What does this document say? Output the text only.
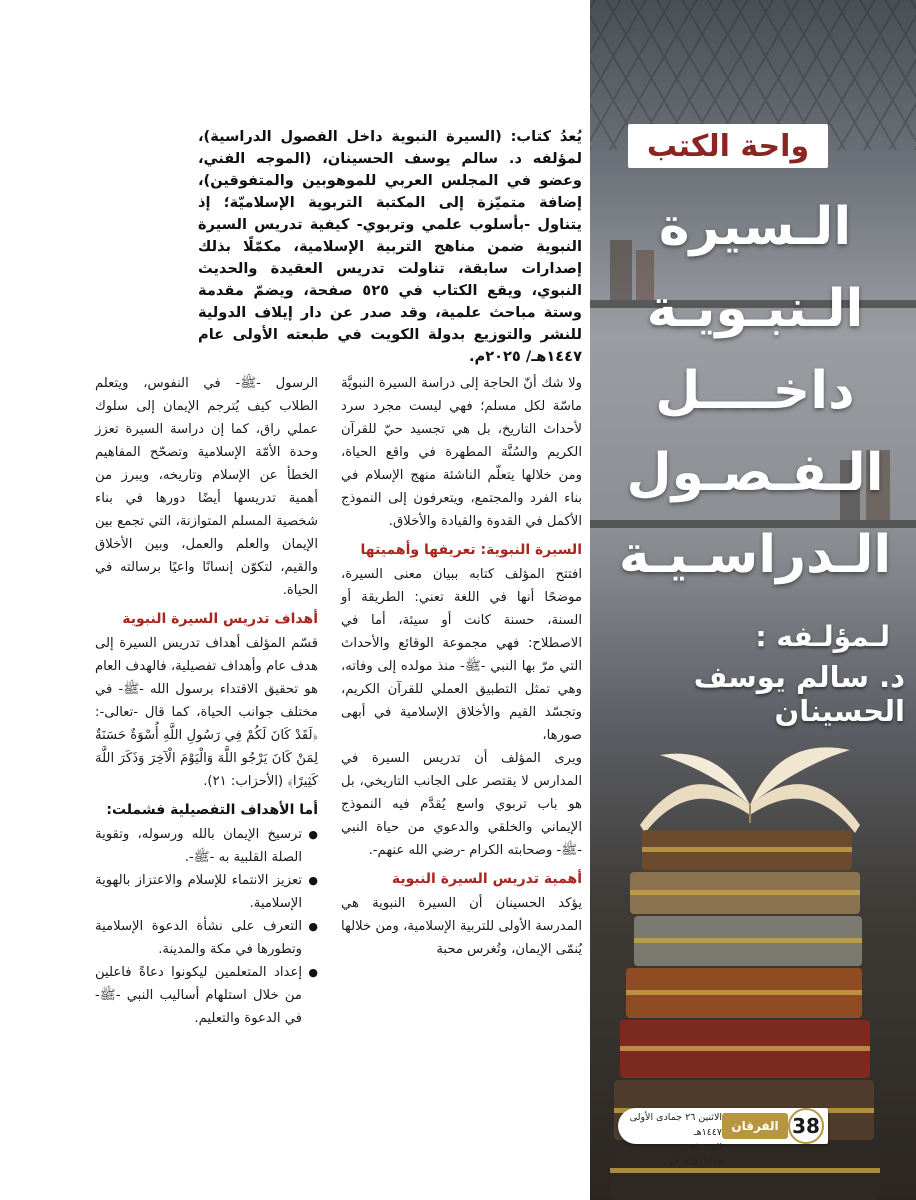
واحة الكتب
الـسيرة
الـنبـويـة
داخــــل
الـفـصـول
الـدراسـيـة
لـمؤلـفه :
د. سالم يوسف الحسينان

يُعدُ كتاب: (السيرة النبوية داخل الفصول الدراسية)، لمؤلفه د. سالم يوسف الحسينان، (الموجه الفني، وعضو في المجلس العربي للموهوبين والمتفوقين)، إضافة متميّزة إلى المكتبة التربوية الإسلاميّة؛ إذ يتناول -بأسلوب علمي وتربوي- كيفية تدريس السيرة النبوية ضمن مناهج التربية الإسلامية، مكمّلًا بذلك إصدارات سابقة، تناولت تدريس العقيدة والحديث النبوي، ويقع الكتاب في ٥٢٥ صفحة، ويضمّ مقدمة وستة مباحث علمية، وقد صدر عن دار إيلاف الدولية للنشر والتوزيع بدولة الكويت في طبعته الأولى عام ١٤٤٧هـ/ ٢٠٢٥م.

ولا شك أنّ الحاجة إلى دراسة السيرة النبويَّة ماسّة لكل مسلم؛ فهي ليست مجرد سرد لأحداث التاريخ، بل هي تجسيد حيّ للقرآن الكريم والسُنَّة المطهرة في واقع الحياة، ومن خلالها يتعلّم الناشئة منهج الإسلام في بناء الفرد والمجتمع، ويتعرفون إلى النموذج الأكمل في القدوة والقيادة والأخلاق.

السيرة النبوية: تعريفها وأهميتها

افتتح المؤلف كتابه ببيان معنى السيرة، موضحًا أنها في اللغة تعني: الطريقة أو السنة، حسنة كانت أو سيئة، أما في الاصطلاح: فهي مجموعة الوقائع والأحداث التي مرّ بها النبي -ﷺ- منذ مولده إلى وفاته، وهي تمثل التطبيق العملي للقرآن الكريم، وتجسّد القيم والأخلاق الإسلامية في أبهى صورها،

ويرى المؤلف أن تدريس السيرة في المدارس لا يقتصر على الجانب التاريخي، بل هو باب تربوي واسع يُقدَّم فيه النموذج الإيماني والخلقي والدعوي من حياة النبي -ﷺ- وصحابته الكرام -رضي الله عنهم-.

أهمية تدريس السيرة النبوية

يؤكد الحسينان أن السيرة النبوية هي المدرسة الأولى للتربية الإسلامية، ومن خلالها يُنمّى الإيمان، وتُغرس محبة

الرسول -ﷺ- في النفوس، ويتعلم الطلاب كيف يُترجم الإيمان إلى سلوك عملي راق، كما إن دراسة السيرة تعزز وحدة الأمّة الإسلامية وتصحّح المفاهيم الخطأ عن الإسلام وتاريخه، ويبرز من أهمية تدريسها أيضًا دورها في بناء شخصية المسلم المتوازنة، التي تجمع بين الإيمان والعلم والعمل، وبين الأخلاق والقيم، لتكوّن إنسانًا واعيًا برسالته في الحياة.

أهداف تدريس السيرة النبوية

قسّم المؤلف أهداف تدريس السيرة إلى هدف عام وأهداف تفصيلية، فالهدف العام هو تحقيق الاقتداء برسول الله -ﷺ- في مختلف جوانب الحياة، كما قال -تعالى-: ﴿لَقَدْ كَانَ لَكُمْ فِي رَسُولِ اللَّهِ أُسْوَةٌ حَسَنَةٌ لِمَنْ كَانَ يَرْجُو اللَّهَ وَالْيَوْمَ الْآخِرَ وَذَكَرَ اللَّهَ كَثِيرًا﴾ (الأحزاب: ٢١).

أما الأهداف التفصيلية فشملت:

● ترسيخ الإيمان بالله ورسوله، وتقوية الصلة القلبية به -ﷺ-.

● تعزيز الانتماء للإسلام والاعتزاز بالهوية الإسلامية.

● التعرف على نشأة الدعوة الإسلامية وتطورها في مكة والمدينة.

● إعداد المتعلمين ليكونوا دعاةً فاعلين من خلال استلهام أساليب النبي -ﷺ- في الدعوة والتعليم.

الاثنين ٢٦ جمادى الأولى ١٤٤٧هـ
العدد ١٢٨٥ - ٢٠٢٥/١١/١٧م
الفرقان 38
